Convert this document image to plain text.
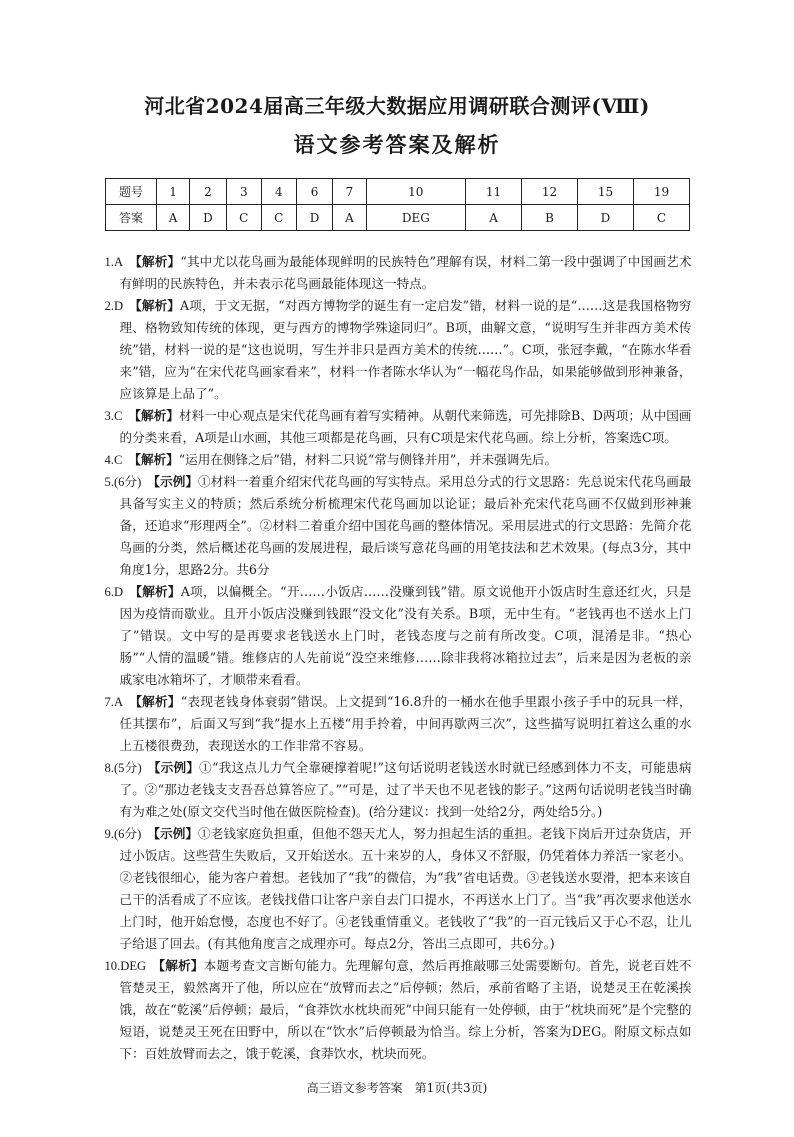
河北省2024届高三年级大数据应用调研联合测评(Ⅷ)
语文参考答案及解析
题号	1	2	3	4	6	7	10	11	12	15	19
答案	A	D	C	C	D	A	DEG	A	B	D	C

1.A 【解析】“其中尤以花鸟画为最能体现鲜明的民族特色”理解有误，材料二第一段中强调了中国画艺术有鲜明的民族特色，并未表示花鸟画最能体现这一特点。

2.D 【解析】A项，于文无据，“对西方博物学的诞生有一定启发”错，材料一说的是“……这是我国格物穷理、格物致知传统的体现，更与西方的博物学殊途同归”。B项，曲解文意，“说明写生并非西方美术传统”错，材料一说的是“这也说明，写生并非只是西方美术的传统……”。C项，张冠李戴，“在陈水华看来”错，应为“在宋代花鸟画家看来”，材料一作者陈水华认为“一幅花鸟作品，如果能够做到形神兼备，应该算是上品了”。

3.C 【解析】材料一中心观点是宋代花鸟画有着写实精神。从朝代来筛选，可先排除B、D两项；从中国画的分类来看，A项是山水画，其他三项都是花鸟画，只有C项是宋代花鸟画。综上分析，答案选C项。

4.C 【解析】“运用在侧锋之后”错，材料二只说“常与侧锋并用”，并未强调先后。

5.(6分) 【示例】①材料一着重介绍宋代花鸟画的写实特点。采用总分式的行文思路：先总说宋代花鸟画最具备写实主义的特质；然后系统分析梳理宋代花鸟画加以论证；最后补充宋代花鸟画不仅做到形神兼备，还追求“形理两全”。②材料二着重介绍中国花鸟画的整体情况。采用层进式的行文思路：先简介花鸟画的分类，然后概述花鸟画的发展进程，最后谈写意花鸟画的用笔技法和艺术效果。(每点3分，其中角度1分，思路2分。共6分

6.D 【解析】A项，以偏概全。“开……小饭店……没赚到钱”错。原文说他开小饭店时生意还红火，只是因为疫情而歇业。且开小饭店没赚到钱跟“没文化”没有关系。B项，无中生有。“老钱再也不送水上门了”错误。文中写的是再要求老钱送水上门时，老钱态度与之前有所改变。C项，混淆是非。“热心肠”“人情的温暖”错。维修店的人先前说“没空来维修……除非我将冰箱拉过去”，后来是因为老板的亲戚家电冰箱坏了，才顺带来看看。

7.A 【解析】“表现老钱身体衰弱”错误。上文提到“16.8升的一桶水在他手里跟小孩子手中的玩具一样，任其摆布”，后面又写到“我”提水上五楼“用手拎着，中间再歇两三次”，这些描写说明扛着这么重的水上五楼很费劲，表现送水的工作非常不容易。

8.(5分) 【示例】①“我这点儿力气全靠硬撑着呢!”这句话说明老钱送水时就已经感到体力不支，可能患病了。②“那边老钱支支吾吾总算答应了。”“可是，过了半天也不见老钱的影子。”这两句话说明老钱当时确有为难之处(原文交代当时他在做医院检查)。(给分建议：找到一处给2分，两处给5分。)

9.(6分) 【示例】①老钱家庭负担重，但他不怨天尤人，努力担起生活的重担。老钱下岗后开过杂货店，开过小饭店。这些营生失败后，又开始送水。五十来岁的人，身体又不舒服，仍凭着体力养活一家老小。②老钱很细心，能为客户着想。老钱加了“我”的微信，为“我”省电话费。③老钱送水耍滑，把本来该自己干的活看成了不应该。老钱找借口让客户亲自去门口提水，不再送水上门了。当“我”再次要求他送水上门时，他开始怠慢，态度也不好了。④老钱重情重义。老钱收了“我”的一百元钱后又于心不忍，让儿子给退了回去。(有其他角度言之成理亦可。每点2分，答出三点即可，共6分。)

10.DEG 【解析】本题考查文言断句能力。先理解句意，然后再推敲哪三处需要断句。首先，说老百姓不管楚灵王，毅然离开了他，所以应在“放臂而去之”后停顿；然后，承前省略了主语，说楚灵王在乾溪挨饿，故在“乾溪”后停顿；最后，“食莽饮水枕块而死”中间只能有一处停顿，由于“枕块而死”是个完整的短语，说楚灵王死在田野中，所以在“饮水”后停顿最为恰当。综上分析，答案为DEG。附原文标点如下：百姓放臂而去之，饿于乾溪，食莽饮水，枕块而死。

高三语文参考答案　第1页(共3页)
